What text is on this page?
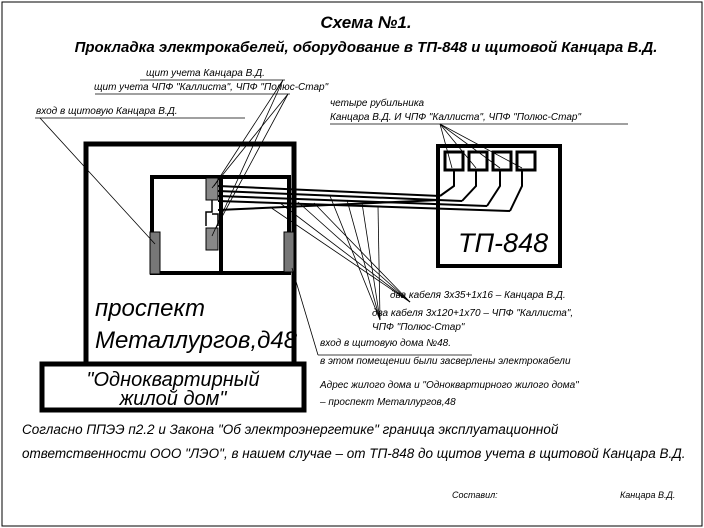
Схема №1.
Прокладка электрокабелей, оборудование в ТП-848 и щитовой Канцара В.Д.
ТП-848
проспект
Металлургов,д48
"Одноквартирный
жилой дом"
щит учета Канцара В.Д.
щит учета ЧПФ "Каллиста", ЧПФ "Полюс-Стар"
вход в щитовую Канцара В.Д.
четыре рубильника
Канцара В.Д. И ЧПФ "Каллиста", ЧПФ "Полюс-Стар"
два кабеля 3х35+1х16 – Канцара В.Д.
два кабеля 3х120+1х70 – ЧПФ "Каллиста",
ЧПФ "Полюс-Стар"
вход в щитовую дома №48.
в этом помещении были засверлены электрокабели
Адрес жилого дома и "Одноквартирного жилого дома"
– проспект Металлургов,48
Согласно ППЭЭ п2.2 и Закона "Об электроэнергетике" граница эксплуатационной
ответственности ООО "ЛЭО", в нашем случае – от ТП-848 до щитов учета в щитовой Канцара В.Д.
Составил:	Канцара В.Д.
